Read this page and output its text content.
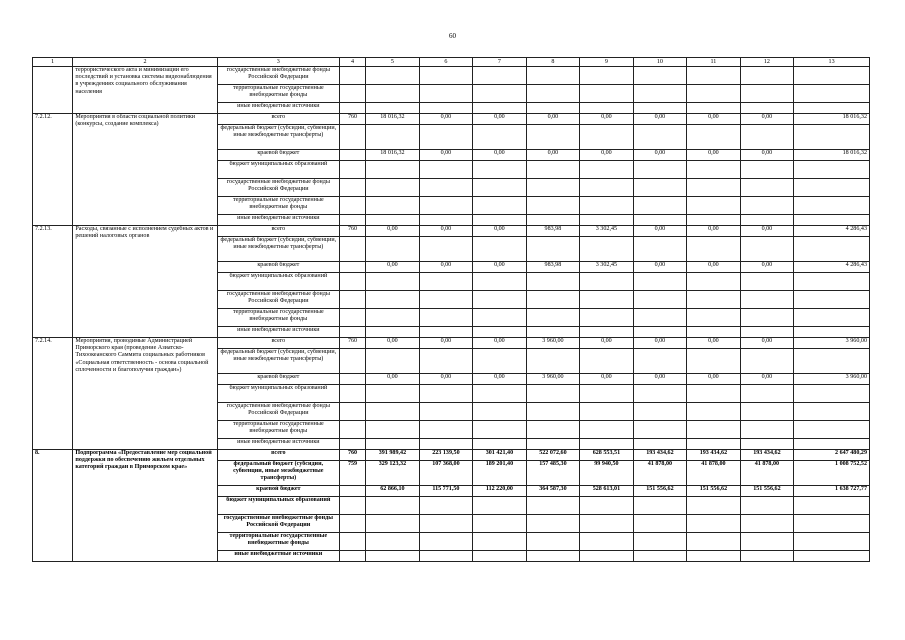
60
1	2	3	4	5	6	7	8	9	10	11	12	13
	террористического акта и минимизации его последствий и установка системы видеонаблюдения в учреждениях социального обслуживания населения	государственные внебюджетные фонды Российской Федерации										
		территориальные государственные внебюджетные фонды										
		иные внебюджетные источники										
7.2.12.	Мероприятия в области социальной политики (конкурсы, создание комплекса)	всего	760	18 016,32	0,00	0,00	0,00	0,00	0,00	0,00	0,00	18 016,32
		федеральный бюджет (субсидии, субвенции, иные межбюджетные трансферты)										
		краевой бюджет		18 016,32	0,00	0,00	0,00	0,00	0,00	0,00	0,00	18 016,32
		бюджет муниципальных образований										
		государственные внебюджетные фонды Российской Федерации										
		территориальные государственные внебюджетные фонды										
		иные внебюджетные источники										
7.2.13.	Расходы, связанные с исполнением судебных актов и решений налоговых органов	всего	760	0,00	0,00	0,00	983,98	3 302,45	0,00	0,00	0,00	4 286,43
		федеральный бюджет (субсидии, субвенции, иные межбюджетные трансферты)										
		краевой бюджет		0,00	0,00	0,00	983,98	3 302,45	0,00	0,00	0,00	4 286,43
		бюджет муниципальных образований										
		государственные внебюджетные фонды Российской Федерации										
		территориальные государственные внебюджетные фонды										
		иные внебюджетные источники										
7.2.14.	Мероприятия, проводимые Администрацией Приморского края (проведение Азиатско-Тихоокеанского Саммита социальных работников «Социальная ответственность - основа социальной сплоченности и благополучия граждан»)	всего	760	0,00	0,00	0,00	3 960,00	0,00	0,00	0,00	0,00	3 960,00
		федеральный бюджет (субсидии, субвенции, иные межбюджетные трансферты)										
		краевой бюджет		0,00	0,00	0,00	3 960,00	0,00	0,00	0,00	0,00	3 960,00
		бюджет муниципальных образований										
		государственные внебюджетные фонды Российской Федерации										
		территориальные государственные внебюджетные фонды										
		иные внебюджетные источники										
8.	Подпрограмма «Предоставление мер социальной поддержки по обеспечению жильем отдельных категорий граждан в Приморском крае»	всего	760	391 989,42	223 139,50	301 421,40	522 072,60	628 553,51	193 434,62	193 434,62	193 434,62	2 647 480,29
		федеральный бюджет (субсидии, субвенции, иные межбюджетные трансферты)	759	329 123,32	107 368,00	189 201,40	157 485,30	99 940,50	41 878,00	41 878,00	41 878,00	1 008 752,52
		краевой бюджет		62 866,10	115 771,50	112 220,00	364 587,30	528 613,01	151 556,62	151 556,62	151 556,62	1 638 727,77
		бюджет муниципальных образований										
		государственные внебюджетные фонды Российской Федерации										
		территориальные государственные внебюджетные фонды										
		иные внебюджетные источники										
